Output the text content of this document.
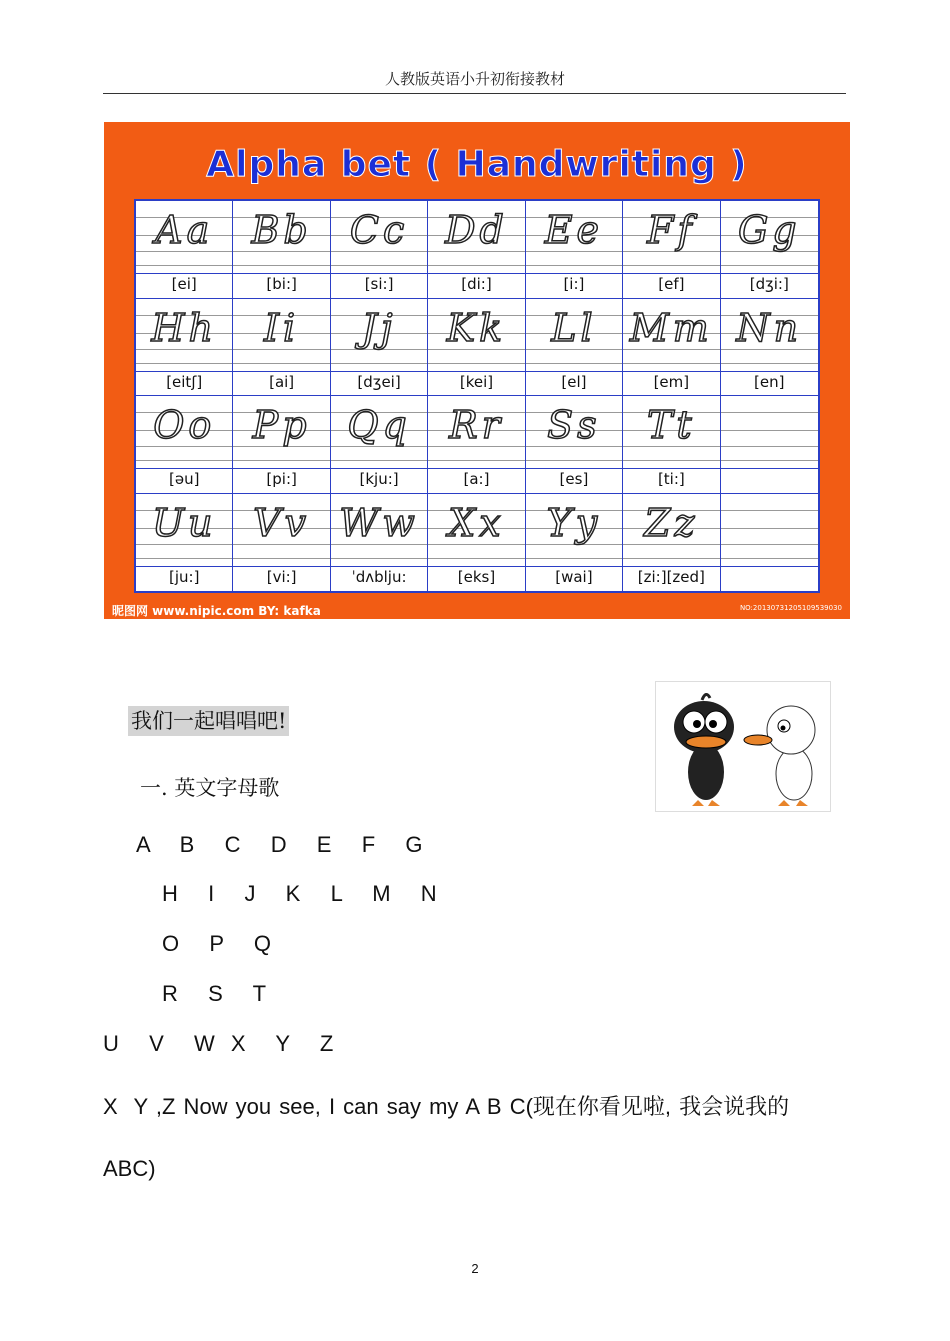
人教版英语小升初衔接教材
Alpha bet ( Handwriting )
Aa
[ei]
Bb
[bi:]
Cc
[si:]
Dd
[di:]
Ee
[i:]
Ff
[ef]
Gg
[dʒi:]
Hh
[eitʃ]
Ii
[ai]
Jj
[dʒei]
Kk
[kei]
Ll
[el]
Mm
[em]
Nn
[en]
Oo
[əu]
Pp
[pi:]
Qq
[kju:]
Rr
[a:]
Ss
[es]
Tt
[ti:]
Uu
[ju:]
Vv
[vi:]
Ww
ˈdʌblju:
Xx
[eks]
Yy
[wai]
Zz
[zi:][zed]
昵图网 www.nipic.com BY: kafka	NO:20130731205109539030
我们一起唱唱吧!
一. 英文字母歌
A  B  C  D  E  F  G
H  I  J  K  L  M  N
O  P  Q
R  S  T
U  V  W X  Y  Z
X  Y ,Z Now you see, I can say my A B C(现在你看见啦, 我会说我的
ABC)
2
